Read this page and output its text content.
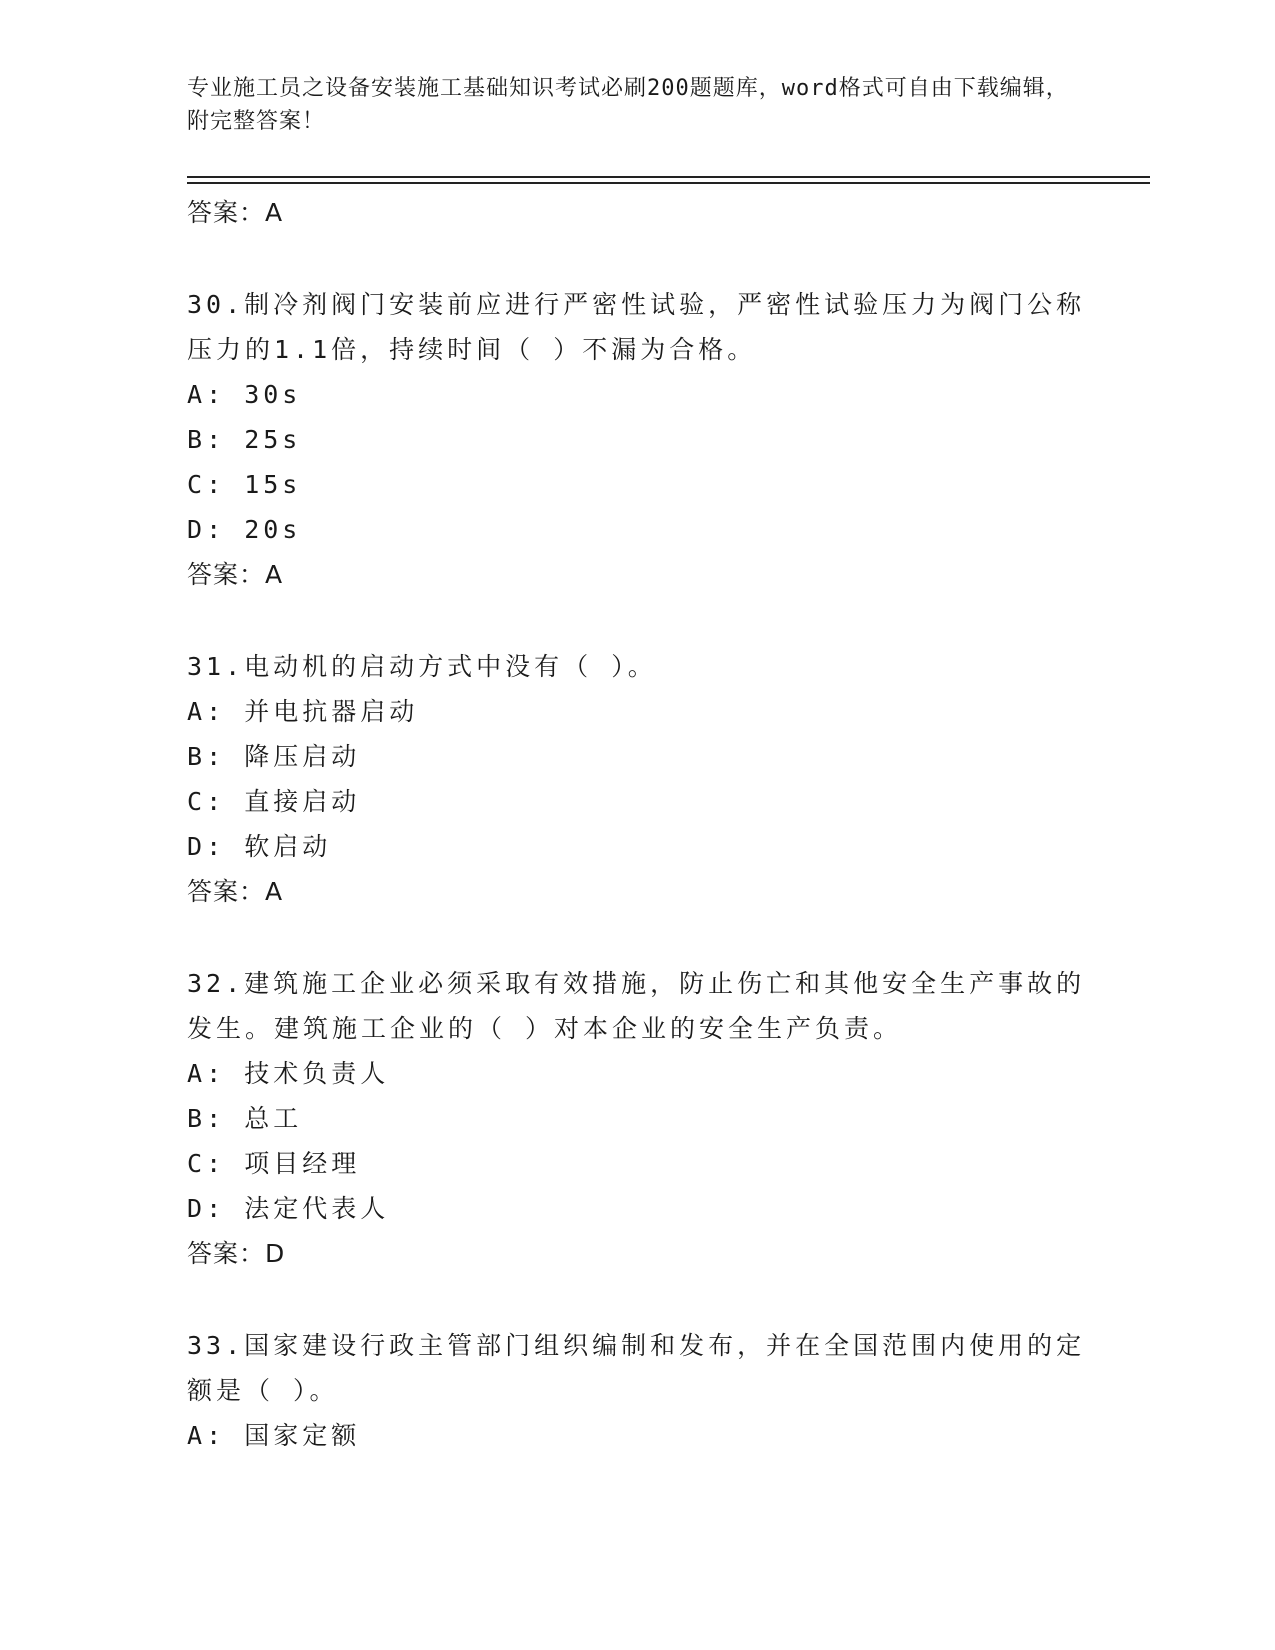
专业施工员之设备安装施工基础知识考试必刷200题题库，word格式可自由下载编辑，附完整答案！
答案：A
30.制冷剂阀门安装前应进行严密性试验，严密性试验压力为阀门公称压力的1.1倍，持续时间（ ）不漏为合格。
A: 30s
B: 25s
C: 15s
D: 20s
答案：A
31.电动机的启动方式中没有（ ）。
A: 并电抗器启动
B: 降压启动
C: 直接启动
D: 软启动
答案：A
32.建筑施工企业必须采取有效措施，防止伤亡和其他安全生产事故的发生。建筑施工企业的（ ）对本企业的安全生产负责。
A: 技术负责人
B: 总工
C: 项目经理
D: 法定代表人
答案：D
33.国家建设行政主管部门组织编制和发布，并在全国范围内使用的定额是（ ）。
A: 国家定额
